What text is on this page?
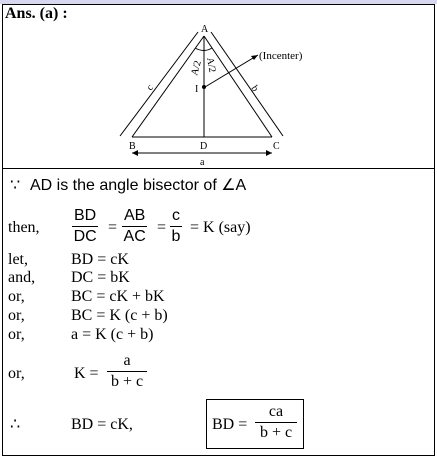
Ans. (a) :
A
B	C
D
I
(Incenter)
a
c	b
A/2 A/2
∵ AD is the angle bisector of ∠A
then, $\frac{BD}{DC} = \frac{AB}{AC} = \frac{c}{b} = K$ (say)
let,	BD = cK
and, DC = bK
or,	BC = cK + bK
or,	BC = K (c + b)
or,	a = K (c + b)
or,	$K = \frac{a}{b + c}$
∴	BD = cK,	BD = $\frac{ca}{b + c}$
